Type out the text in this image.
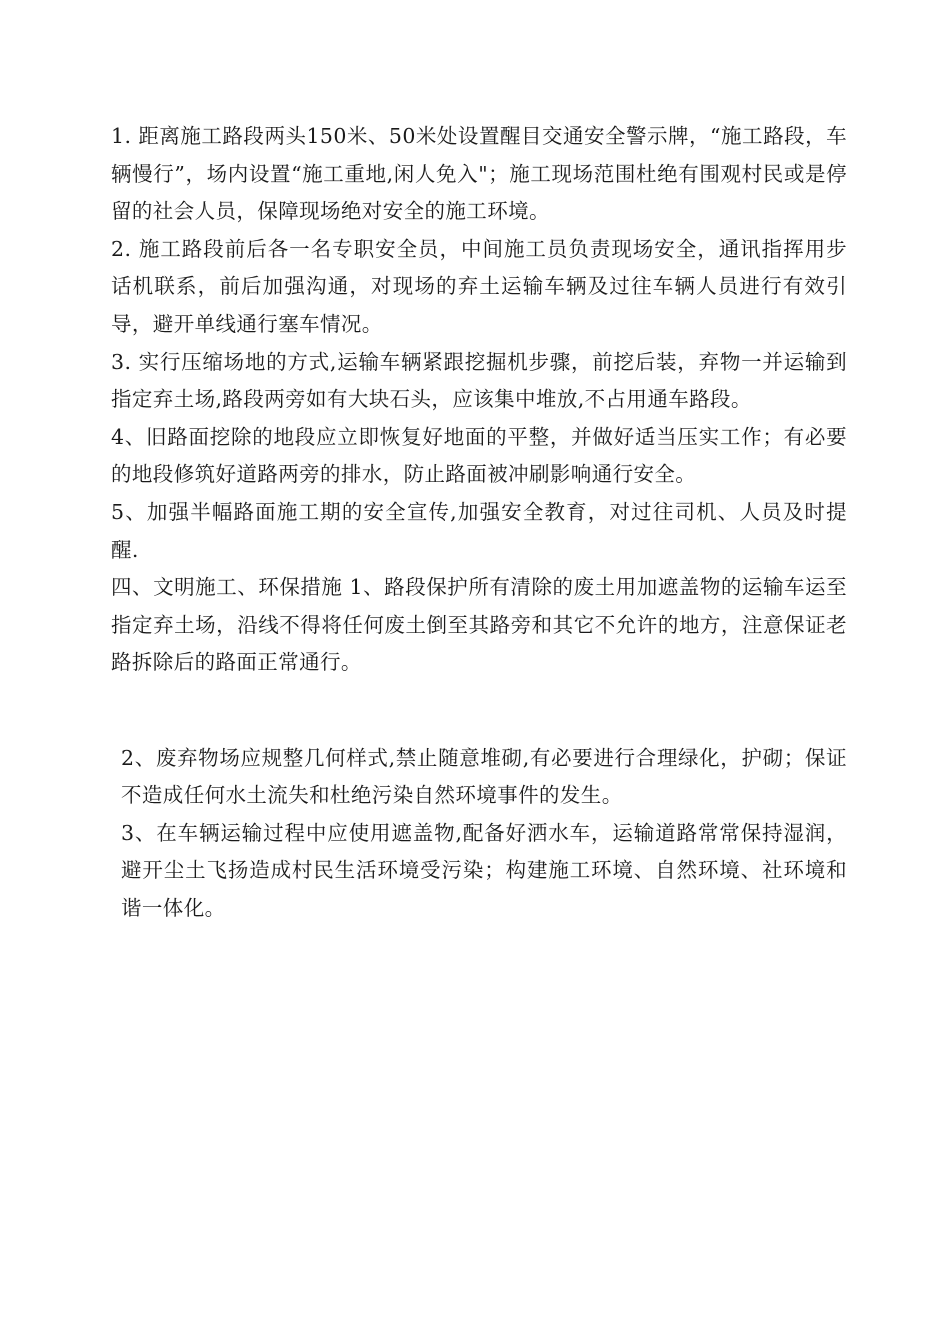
1. 距离施工路段两头150米、50米处设置醒目交通安全警示牌，“施工路段，车辆慢行”，场内设置“施工重地,闲人免入"；施工现场范围杜绝有围观村民或是停留的社会人员，保障现场绝对安全的施工环境。

2. 施工路段前后各一名专职安全员，中间施工员负责现场安全，通讯指挥用步话机联系，前后加强沟通，对现场的弃土运输车辆及过往车辆人员进行有效引导，避开单线通行塞车情况。

3. 实行压缩场地的方式,运输车辆紧跟挖掘机步骤，前挖后装，弃物一并运输到指定弃土场,路段两旁如有大块石头，应该集中堆放,不占用通车路段。

4、旧路面挖除的地段应立即恢复好地面的平整，并做好适当压实工作；有必要的地段修筑好道路两旁的排水，防止路面被冲刷影响通行安全。

5、加强半幅路面施工期的安全宣传,加强安全教育，对过往司机、人员及时提醒.

四、文明施工、环保措施 1、路段保护所有清除的废土用加遮盖物的运输车运至指定弃土场，沿线不得将任何废土倒至其路旁和其它不允许的地方，注意保证老路拆除后的路面正常通行。

2、废弃物场应规整几何样式,禁止随意堆砌,有必要进行合理绿化，护砌；保证不造成任何水土流失和杜绝污染自然环境事件的发生。

3、在车辆运输过程中应使用遮盖物,配备好洒水车，运输道路常常保持湿润，避开尘土飞扬造成村民生活环境受污染；构建施工环境、自然环境、社环境和谐一体化。
